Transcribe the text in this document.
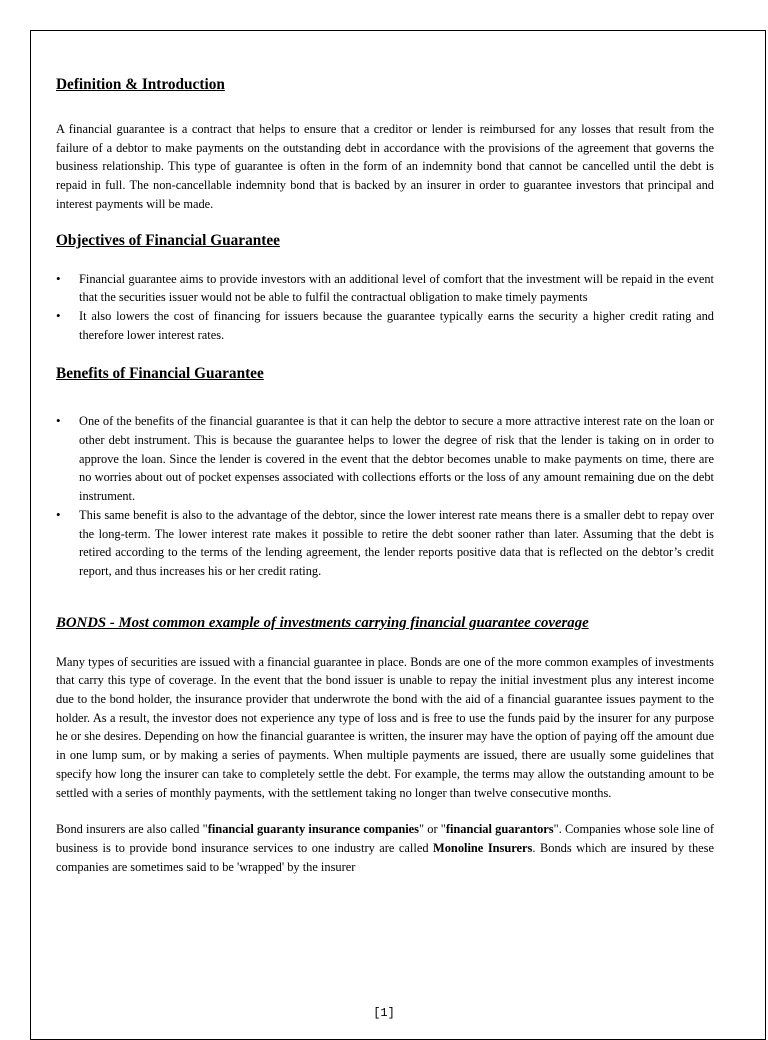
Definition & Introduction

A financial guarantee is a contract that helps to ensure that a creditor or lender is reimbursed for any losses that result from the failure of a debtor to make payments on the outstanding debt in accordance with the provisions of the agreement that governs the business relationship. This type of guarantee is often in the form of an indemnity bond that cannot be cancelled until the debt is repaid in full. The non-cancellable indemnity bond that is backed by an insurer in order to guarantee investors that principal and interest payments will be made.

Objectives of Financial Guarantee
• Financial guarantee aims to provide investors with an additional level of comfort that the investment will be repaid in the event that the securities issuer would not be able to fulfil the contractual obligation to make timely payments
• It also lowers the cost of financing for issuers because the guarantee typically earns the security a higher credit rating and therefore lower interest rates.
Benefits of Financial Guarantee
• One of the benefits of the financial guarantee is that it can help the debtor to secure a more attractive interest rate on the loan or other debt instrument. This is because the guarantee helps to lower the degree of risk that the lender is taking on in order to approve the loan. Since the lender is covered in the event that the debtor becomes unable to make payments on time, there are no worries about out of pocket expenses associated with collections efforts or the loss of any amount remaining due on the debt instrument.
• This same benefit is also to the advantage of the debtor, since the lower interest rate means there is a smaller debt to repay over the long-term. The lower interest rate makes it possible to retire the debt sooner rather than later. Assuming that the debt is retired according to the terms of the lending agreement, the lender reports positive data that is reflected on the debtor’s credit report, and thus increases his or her credit rating.
BONDS - Most common example of investments carrying financial guarantee coverage

Many types of securities are issued with a financial guarantee in place. Bonds are one of the more common examples of investments that carry this type of coverage. In the event that the bond issuer is unable to repay the initial investment plus any interest income due to the bond holder, the insurance provider that underwrote the bond with the aid of a financial guarantee issues payment to the holder. As a result, the investor does not experience any type of loss and is free to use the funds paid by the insurer for any purpose he or she desires. Depending on how the financial guarantee is written, the insurer may have the option of paying off the amount due in one lump sum, or by making a series of payments. When multiple payments are issued, there are usually some guidelines that specify how long the insurer can take to completely settle the debt. For example, the terms may allow the outstanding amount to be settled with a series of monthly payments, with the settlement taking no longer than twelve consecutive months.

Bond insurers are also called "financial guaranty insurance companies" or "financial guarantors". Companies whose sole line of business is to provide bond insurance services to one industry are called Monoline Insurers. Bonds which are insured by these companies are sometimes said to be 'wrapped' by the insurer

[1]
